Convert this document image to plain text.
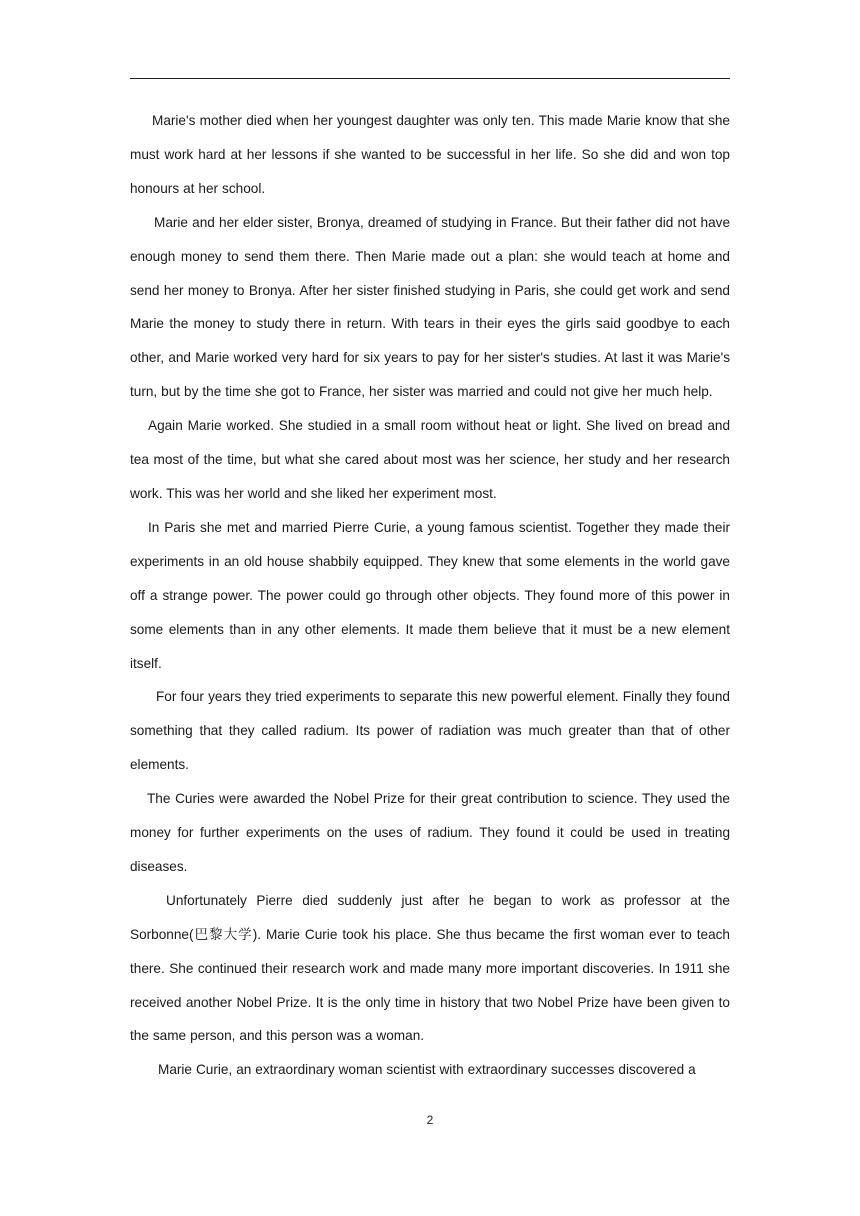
Marie's mother died when her youngest daughter was only ten. This made Marie know that she must work hard at her lessons if she wanted to be successful in her life. So she did and won top honours at her school.

Marie and her elder sister, Bronya, dreamed of studying in France. But their father did not have enough money to send them there. Then Marie made out a plan: she would teach at home and send her money to Bronya. After her sister finished studying in Paris, she could get work and send Marie the money to study there in return. With tears in their eyes the girls said goodbye to each other, and Marie worked very hard for six years to pay for her sister's studies. At last it was Marie's turn, but by the time she got to France, her sister was married and could not give her much help.

Again Marie worked. She studied in a small room without heat or light. She lived on bread and tea most of the time, but what she cared about most was her science, her study and her research work. This was her world and she liked her experiment most.

In Paris she met and married Pierre Curie, a young famous scientist. Together they made their experiments in an old house shabbily equipped. They knew that some elements in the world gave off a strange power. The power could go through other objects. They found more of this power in some elements than in any other elements. It made them believe that it must be a new element itself.

For four years they tried experiments to separate this new powerful element. Finally they found something that they called radium. Its power of radiation was much greater than that of other elements.

The Curies were awarded the Nobel Prize for their great contribution to science. They used the money for further experiments on the uses of radium. They found it could be used in treating diseases.

Unfortunately Pierre died suddenly just after he began to work as professor at the Sorbonne(巴黎大学). Marie Curie took his place. She thus became the first woman ever to teach there. She continued their research work and made many more important discoveries. In 1911 she received another Nobel Prize. It is the only time in history that two Nobel Prize have been given to the same person, and this person was a woman.

Marie Curie, an extraordinary woman scientist with extraordinary successes discovered a

2
